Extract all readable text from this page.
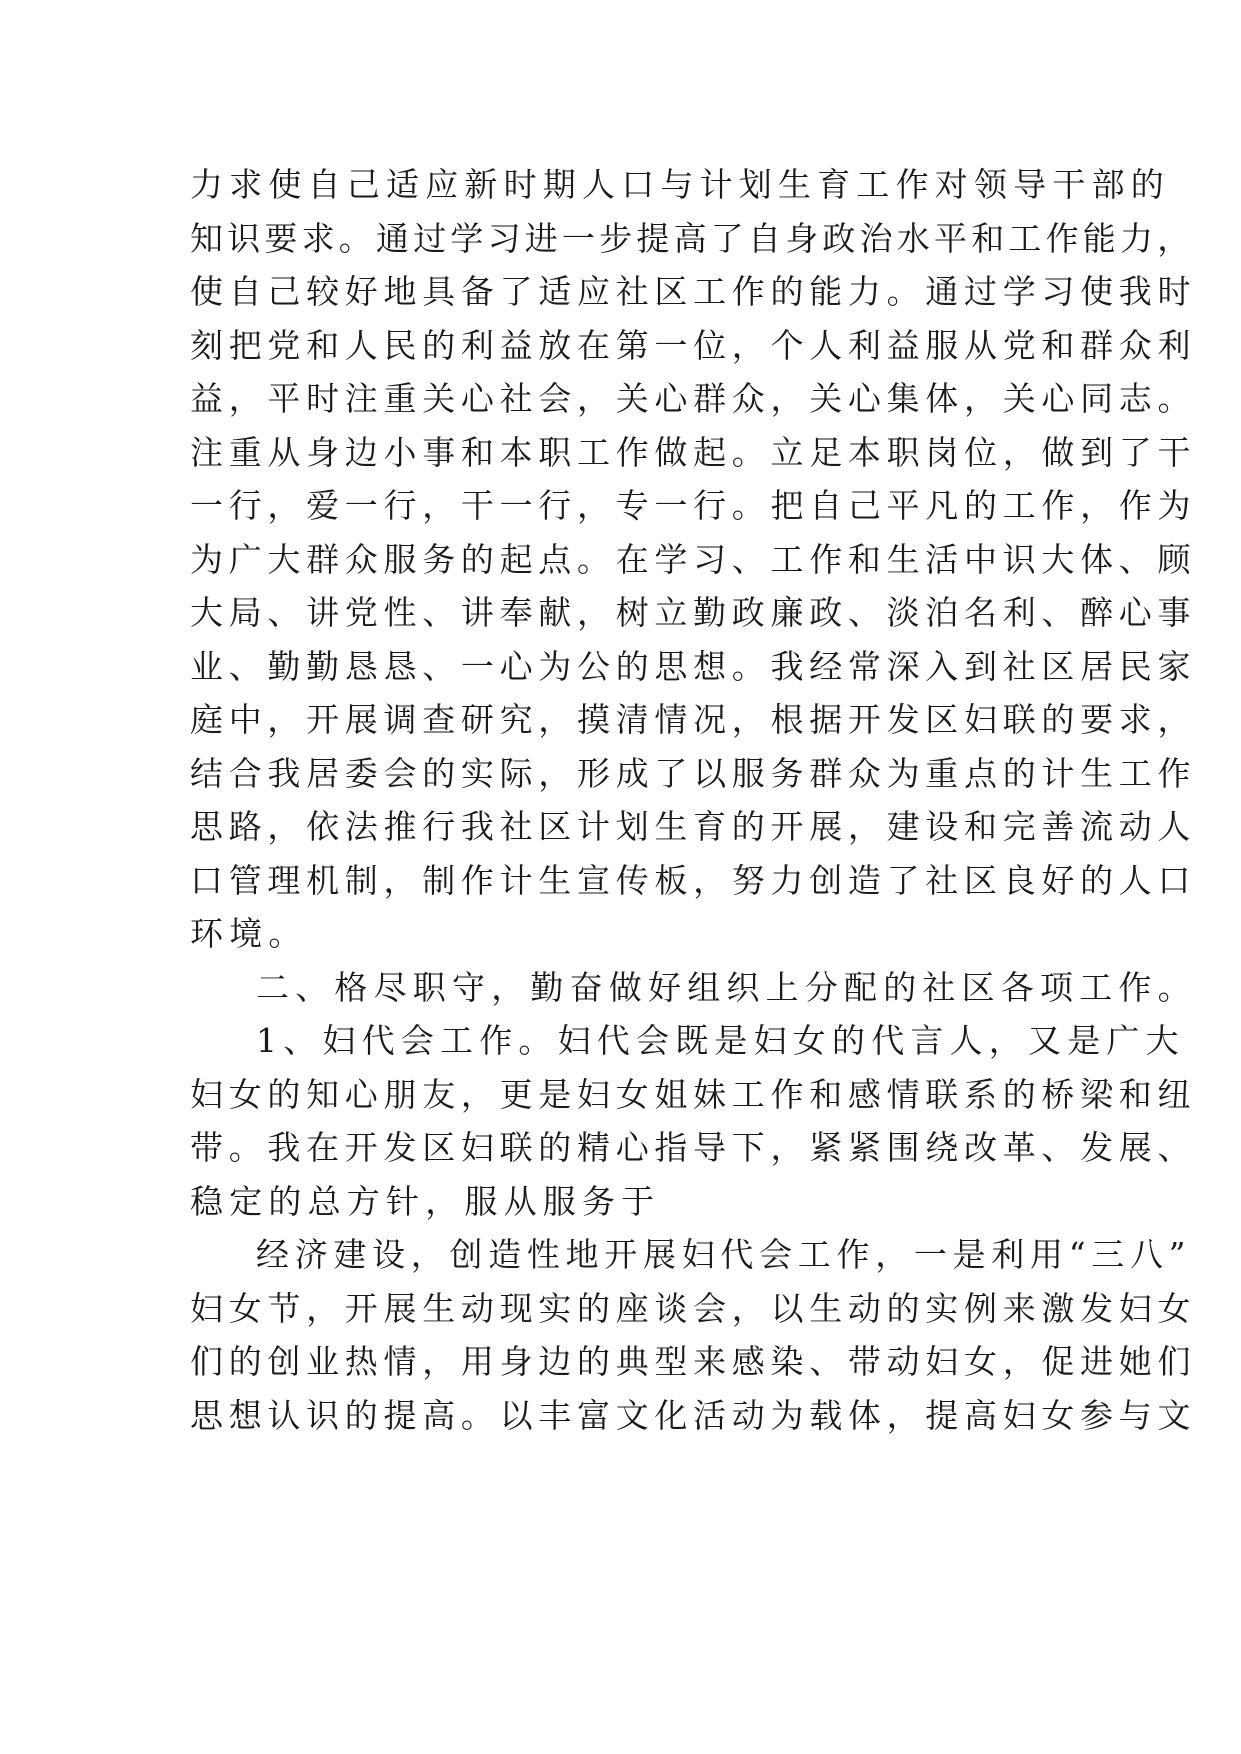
力求使自己适应新时期人口与计划生育工作对领导干部的
知识要求。通过学习进一步提高了自身政治水平和工作能力，
使自己较好地具备了适应社区工作的能力。通过学习使我时
刻把党和人民的利益放在第一位，个人利益服从党和群众利
益，平时注重关心社会，关心群众，关心集体，关心同志。
注重从身边小事和本职工作做起。立足本职岗位，做到了干
一行，爱一行，干一行，专一行。把自己平凡的工作，作为
为广大群众服务的起点。在学习、工作和生活中识大体、顾
大局、讲党性、讲奉献，树立勤政廉政、淡泊名利、醉心事
业、勤勤恳恳、一心为公的思想。我经常深入到社区居民家
庭中，开展调查研究，摸清情况，根据开发区妇联的要求，
结合我居委会的实际，形成了以服务群众为重点的计生工作
思路，依法推行我社区计划生育的开展，建设和完善流动人
口管理机制，制作计生宣传板，努力创造了社区良好的人口
环境。
二、格尽职守，勤奋做好组织上分配的社区各项工作。
1、妇代会工作。妇代会既是妇女的代言人，又是广大
妇女的知心朋友，更是妇女姐妹工作和感情联系的桥梁和纽
带。我在开发区妇联的精心指导下，紧紧围绕改革、发展、
稳定的总方针，服从服务于
经济建设，创造性地开展妇代会工作，一是利用“三八”
妇女节，开展生动现实的座谈会，以生动的实例来激发妇女
们的创业热情，用身边的典型来感染、带动妇女，促进她们
思想认识的提高。以丰富文化活动为载体，提高妇女参与文
